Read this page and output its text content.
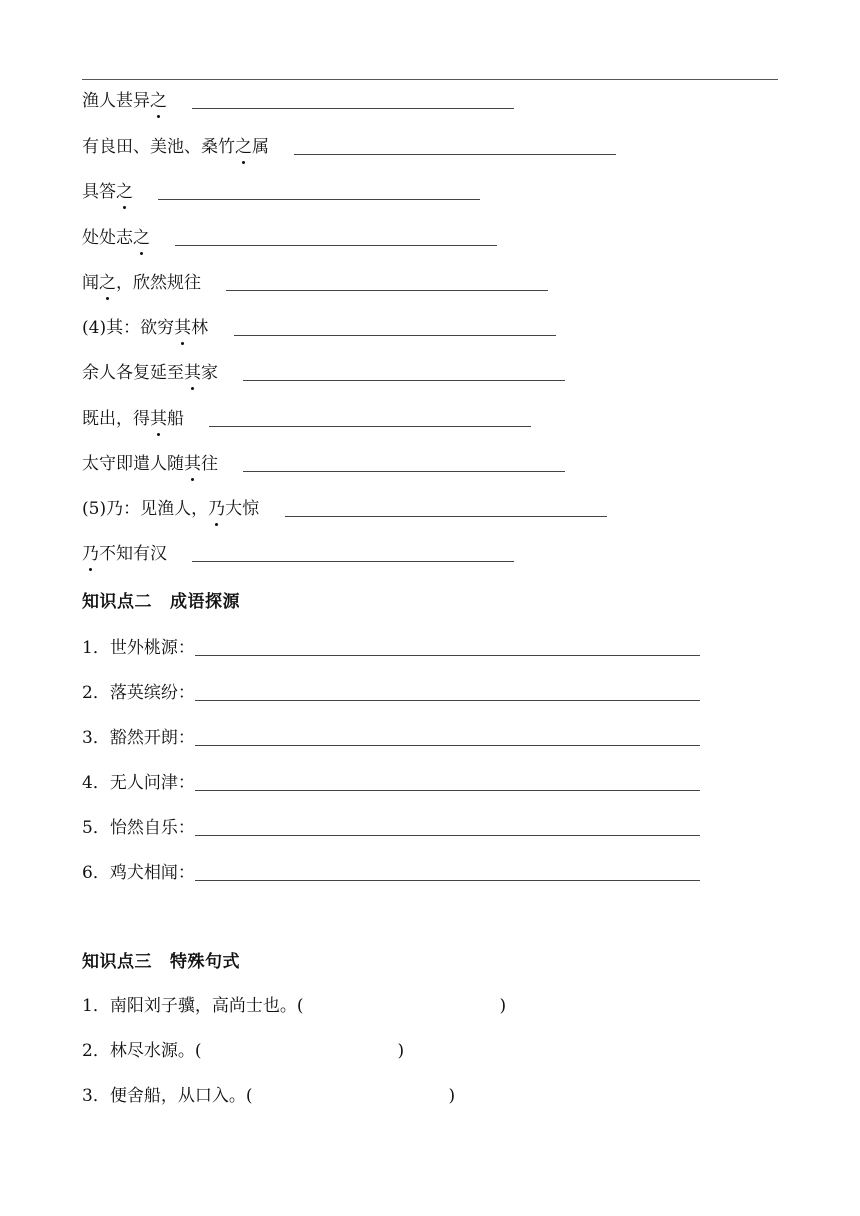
渔人甚异之
有良田、美池、桑竹之属
具答之
处处志之
闻之，欣然规往
(4)其：欲穷其林
余人各复延至其家
既出，得其船
太守即遣人随其往
(5)乃：见渔人，乃大惊
乃不知有汉
知识点二 成语探源
1．世外桃源：
2．落英缤纷：
3．豁然开朗：
4．无人问津：
5．怡然自乐：
6．鸡犬相闻：
知识点三 特殊句式
1．南阳刘子骥，高尚士也。(	)
2．林尽水源。(	)
3．便舍船，从口入。(	)
